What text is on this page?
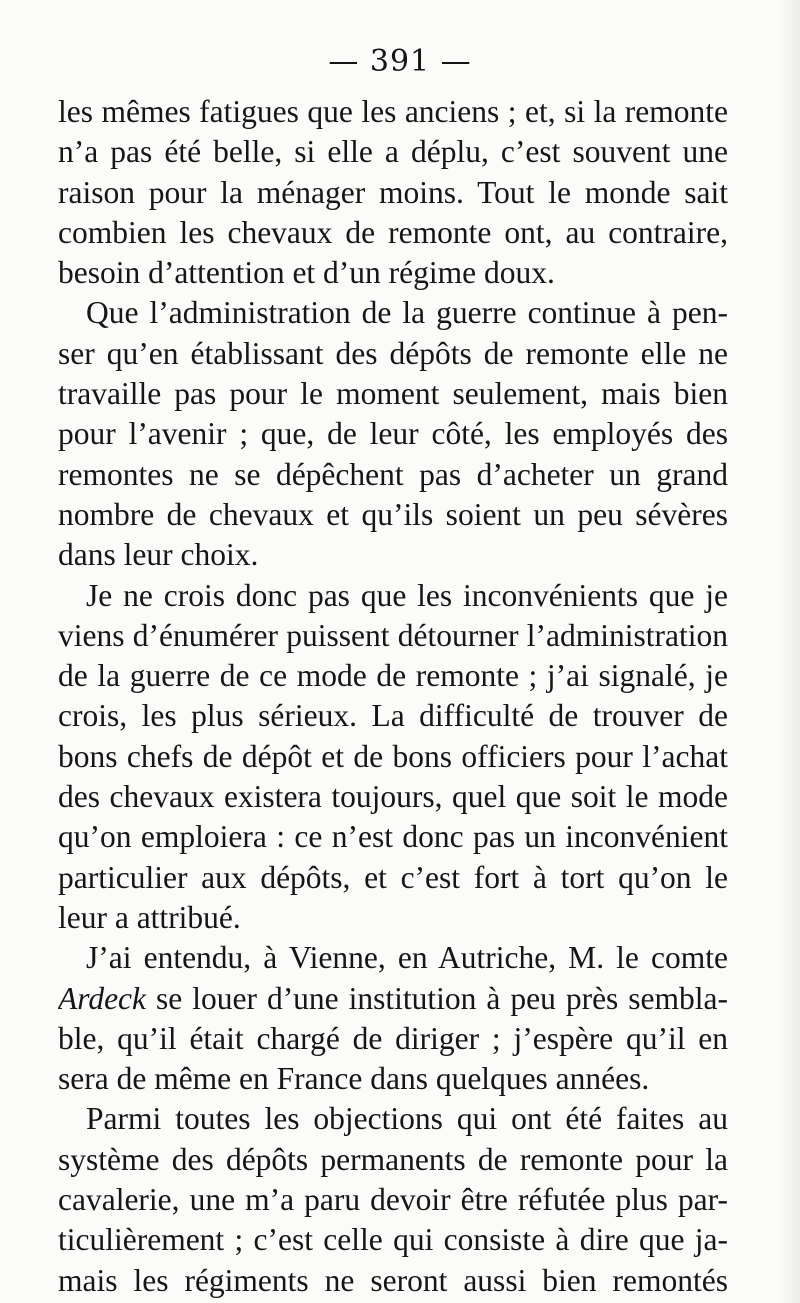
— 391 —
les mêmes fatigues que les anciens ; et, si la remonte
n’a pas été belle, si elle a déplu, c’est souvent une
raison pour la ménager moins. Tout le monde sait
combien les chevaux de remonte ont, au contraire,
besoin d’attention et d’un régime doux.
Que l’administration de la guerre continue à pen-
ser qu’en établissant des dépôts de remonte elle ne
travaille pas pour le moment seulement, mais bien
pour l’avenir ; que, de leur côté, les employés des
remontes ne se dépêchent pas d’acheter un grand
nombre de chevaux et qu’ils soient un peu sévères
dans leur choix.
Je ne crois donc pas que les inconvénients que je
viens d’énumérer puissent détourner l’administration
de la guerre de ce mode de remonte ; j’ai signalé, je
crois, les plus sérieux. La difficulté de trouver de
bons chefs de dépôt et de bons officiers pour l’achat
des chevaux existera toujours, quel que soit le mode
qu’on emploiera : ce n’est donc pas un inconvénient
particulier aux dépôts, et c’est fort à tort qu’on le
leur a attribué.
J’ai entendu, à Vienne, en Autriche, M. le comte
Ardeck se louer d’une institution à peu près sembla-
ble, qu’il était chargé de diriger ; j’espère qu’il en
sera de même en France dans quelques années.
Parmi toutes les objections qui ont été faites au
système des dépôts permanents de remonte pour la
cavalerie, une m’a paru devoir être réfutée plus par-
ticulièrement ; c’est celle qui consiste à dire que ja-
mais les régiments ne seront aussi bien remontés
